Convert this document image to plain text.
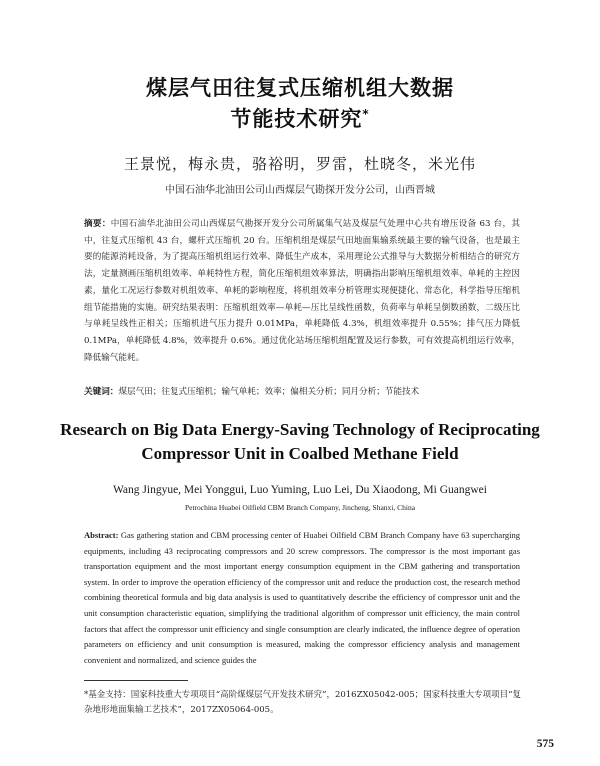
煤层气田往复式压缩机组大数据
节能技术研究*
王景悦，梅永贵，骆裕明，罗雷，杜晓冬，米光伟
中国石油华北油田公司山西煤层气勘探开发分公司，山西晋城
摘要：中国石油华北油田公司山西煤层气勘探开发分公司所属集气站及煤层气处理中心共有增压设备 63 台，其中，往复式压缩机 43 台，螺杆式压缩机 20 台。压缩机组是煤层气田地面集输系统最主要的输气设备，也是最主要的能源消耗设备，为了提高压缩机组运行效率、降低生产成本，采用理论公式推导与大数据分析相结合的研究方法，定量测画压缩机组效率、单耗特性方程，简化压缩机组效率算法，明确指出影响压缩机组效率、单耗的主控因素，量化工况运行参数对机组效率、单耗的影响程度，将机组效率分析管理实现便捷化、常态化，科学指导压缩机组节能措施的实施。研究结果表明：压缩机组效率—单耗—压比呈线性函数，负荷率与单耗呈倒数函数，二级压比与单耗呈线性正相关；压缩机进气压力提升 0.01MPa，单耗降低 4.3%，机组效率提升 0.55%；排气压力降低 0.1MPa，单耗降低 4.8%，效率提升 0.6%。通过优化站场压缩机组配置及运行参数，可有效提高机组运行效率，降低输气能耗。
关键词：煤层气田；往复式压缩机；输气单耗；效率；偏相关分析；同月分析；节能技术
Research on Big Data Energy-Saving Technology of Reciprocating
Compressor Unit in Coalbed Methane Field
Wang Jingyue, Mei Yonggui, Luo Yuming, Luo Lei, Du Xiaodong, Mi Guangwei
Petrochina Huabei Oilfield CBM Branch Company, Jincheng, Shanxi, China
Abstract: Gas gathering station and CBM processing center of Huabei Oilfield CBM Branch Company have 63 supercharging equipments, including 43 reciprocating compressors and 20 screw compressors. The compressor is the most important gas transportation equipment and the most important energy consumption equipment in the CBM gathering and transportation system. In order to improve the operation efficiency of the compressor unit and reduce the production cost, the research method combining theoretical formula and big data analysis is used to quantitatively describe the efficiency of compressor unit and the unit consumption characteristic equation, simplifying the traditional algorithm of compressor unit efficiency, the main control factors that affect the compressor unit efficiency and single consumption are clearly indicated, the influence degree of operation parameters on efficiency and unit consumption is measured, making the compressor efficiency analysis and management convenient and normalized, and science guides the
*基金支持：国家科技重大专项项目“高阶煤煤层气开发技术研究”，2016ZX05042-005；国家科技重大专项项目“复杂地形地面集输工艺技术”，2017ZX05064-005。
575
